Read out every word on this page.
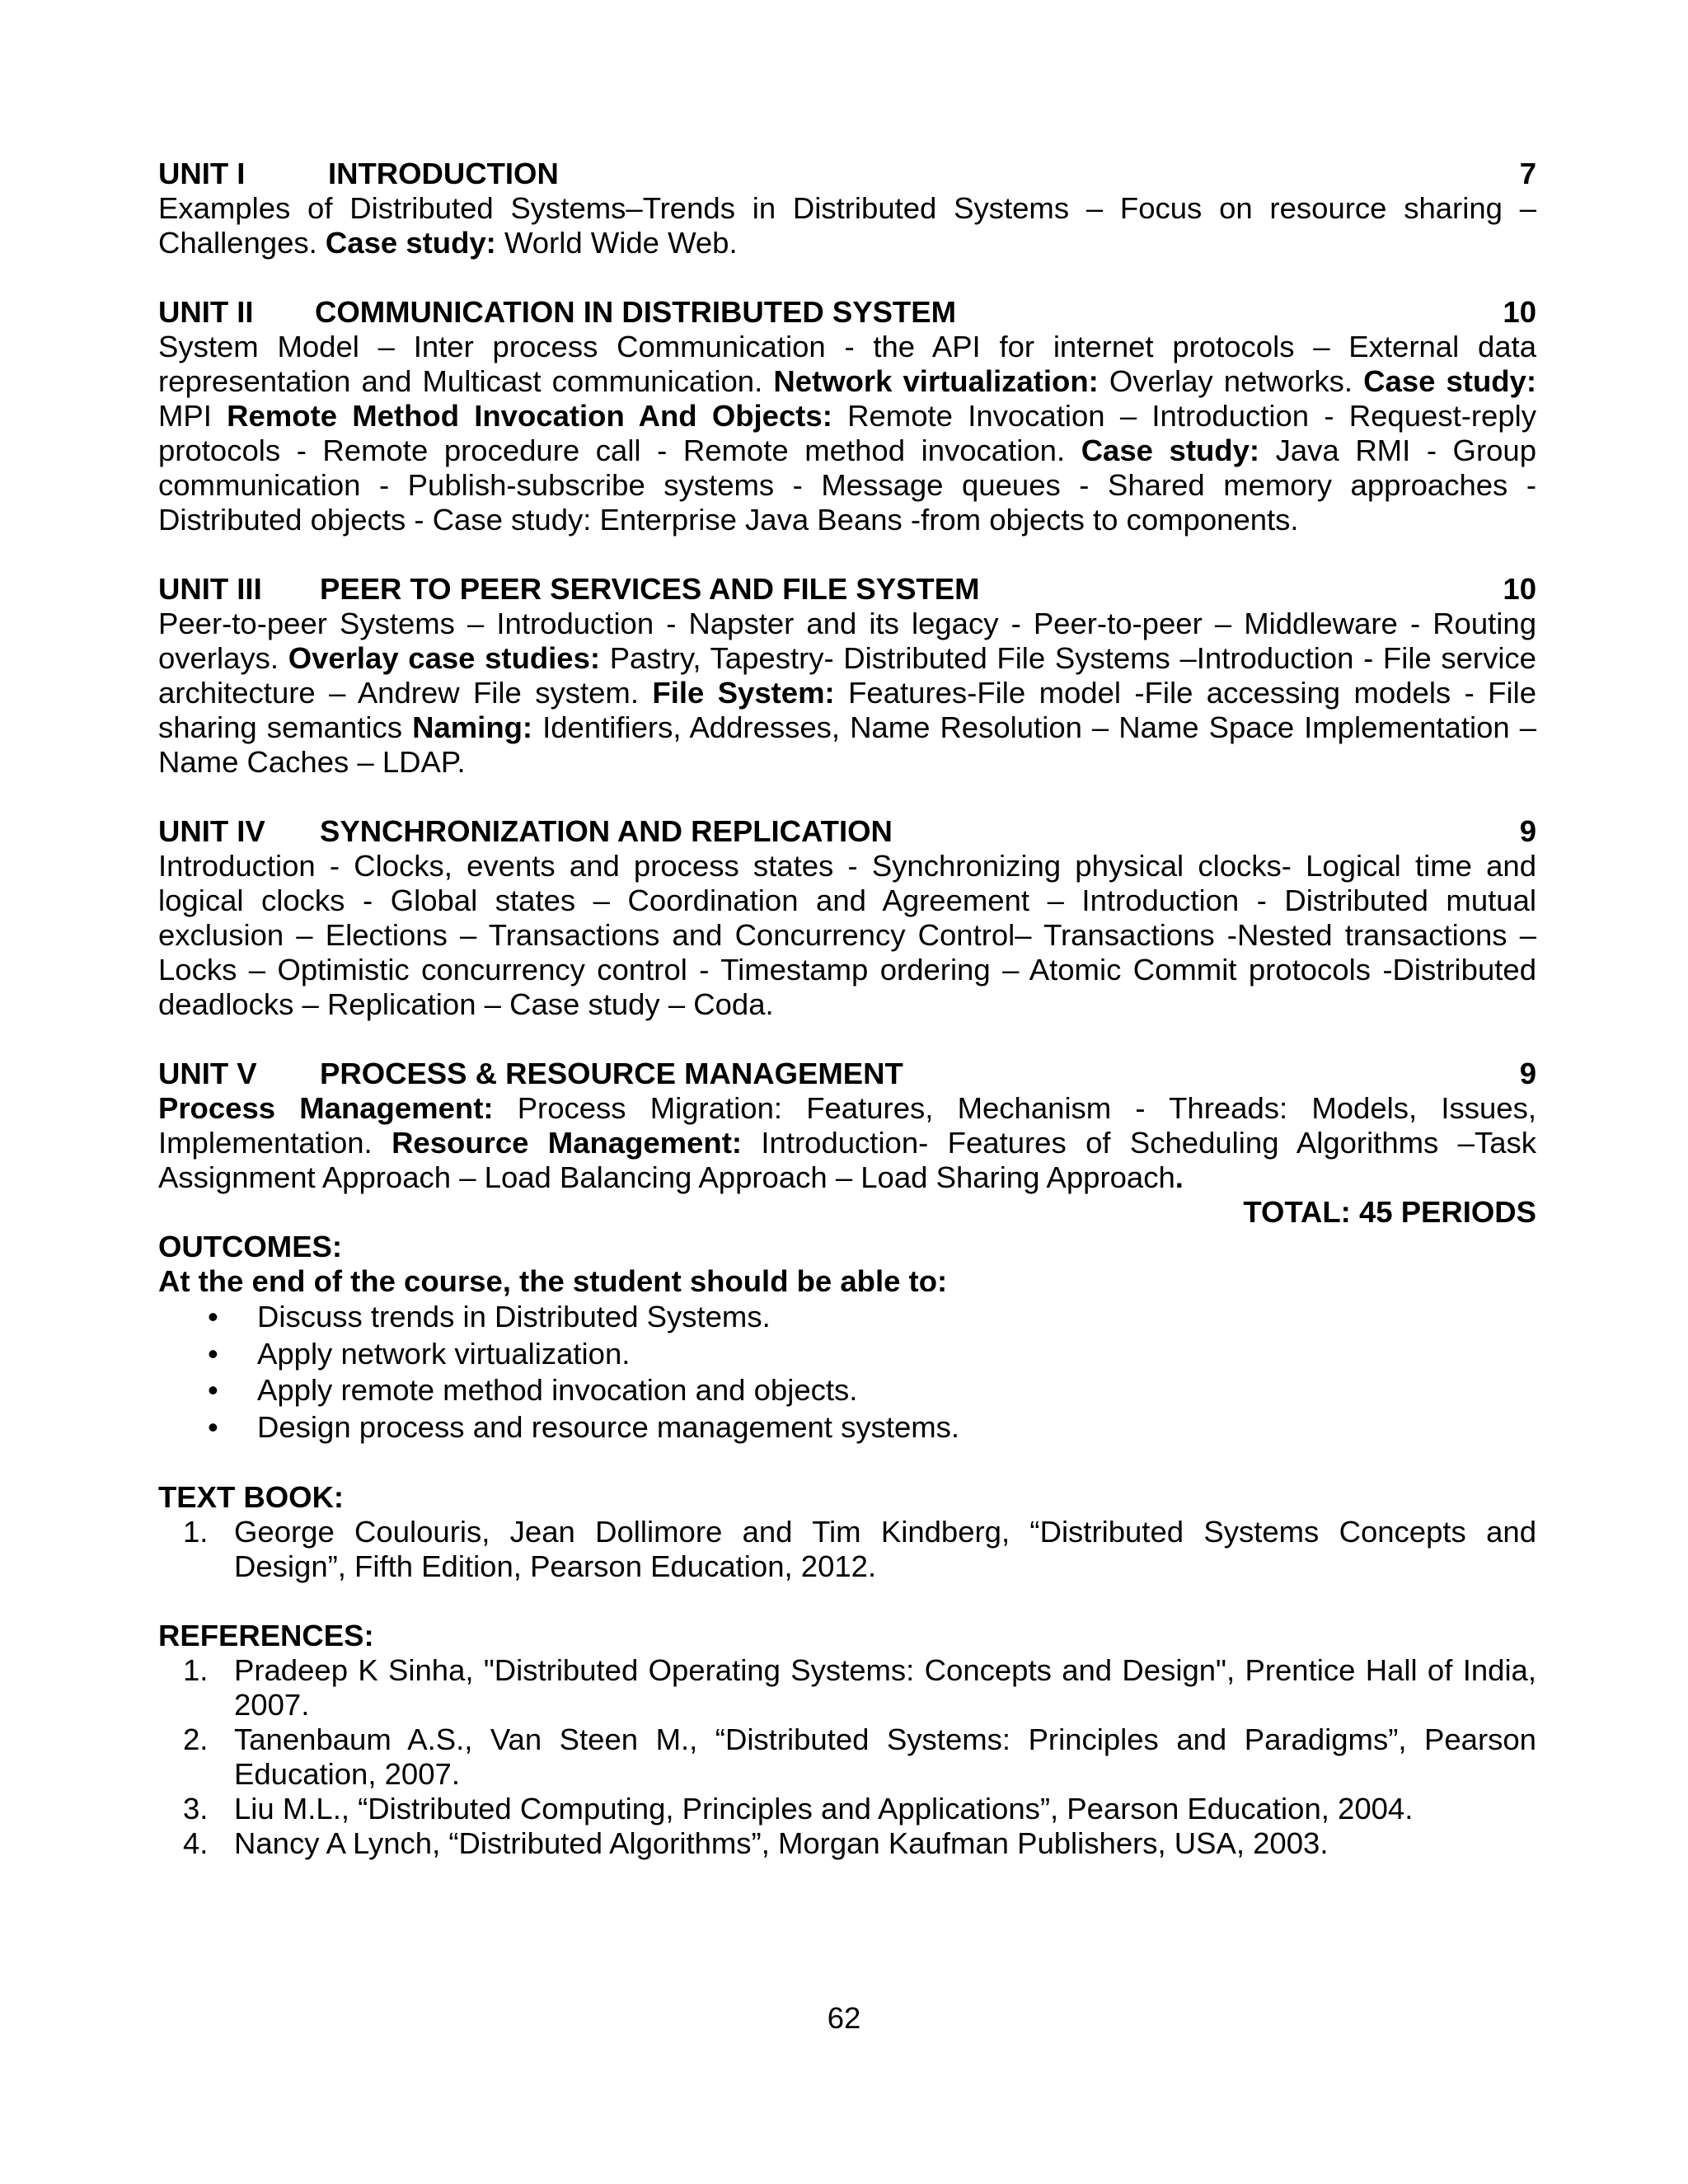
UNIT I	INTRODUCTION	7
Examples of Distributed Systems–Trends in Distributed Systems – Focus on resource sharing – Challenges. Case study: World Wide Web.
UNIT II	COMMUNICATION IN DISTRIBUTED SYSTEM	10
System Model – Inter process Communication - the API for internet protocols – External data representation and Multicast communication. Network virtualization: Overlay networks. Case study: MPI Remote Method Invocation And Objects: Remote Invocation – Introduction - Request-reply protocols - Remote procedure call - Remote method invocation. Case study: Java RMI - Group communication - Publish-subscribe systems - Message queues - Shared memory approaches - Distributed objects - Case study: Enterprise Java Beans -from objects to components.
UNIT III	PEER TO PEER SERVICES AND FILE SYSTEM	10
Peer-to-peer Systems – Introduction - Napster and its legacy - Peer-to-peer – Middleware - Routing overlays. Overlay case studies: Pastry, Tapestry- Distributed File Systems –Introduction - File service architecture – Andrew File system. File System: Features-File model -File accessing models - File sharing semantics Naming: Identifiers, Addresses, Name Resolution – Name Space Implementation – Name Caches – LDAP.
UNIT IV	SYNCHRONIZATION AND REPLICATION	9
Introduction - Clocks, events and process states - Synchronizing physical clocks- Logical time and logical clocks - Global states – Coordination and Agreement – Introduction - Distributed mutual exclusion – Elections – Transactions and Concurrency Control– Transactions -Nested transactions – Locks – Optimistic concurrency control - Timestamp ordering – Atomic Commit protocols -Distributed deadlocks – Replication – Case study – Coda.
UNIT V	PROCESS & RESOURCE MANAGEMENT	9
Process Management: Process Migration: Features, Mechanism - Threads: Models, Issues, Implementation. Resource Management: Introduction- Features of Scheduling Algorithms –Task Assignment Approach – Load Balancing Approach – Load Sharing Approach.
TOTAL: 45 PERIODS
OUTCOMES:
At the end of the course, the student should be able to:
•	Discuss trends in Distributed Systems.
•	Apply network virtualization.
•	Apply remote method invocation and objects.
•	Design process and resource management systems.
TEXT BOOK:
1. George Coulouris, Jean Dollimore and Tim Kindberg, “Distributed Systems Concepts and Design”, Fifth Edition, Pearson Education, 2012.
REFERENCES:
1. Pradeep K Sinha, "Distributed Operating Systems: Concepts and Design", Prentice Hall of India, 2007.
2. Tanenbaum A.S., Van Steen M., “Distributed Systems: Principles and Paradigms”, Pearson Education, 2007.
3. Liu M.L., “Distributed Computing, Principles and Applications”, Pearson Education, 2004.
4. Nancy A Lynch, “Distributed Algorithms”, Morgan Kaufman Publishers, USA, 2003.
62
